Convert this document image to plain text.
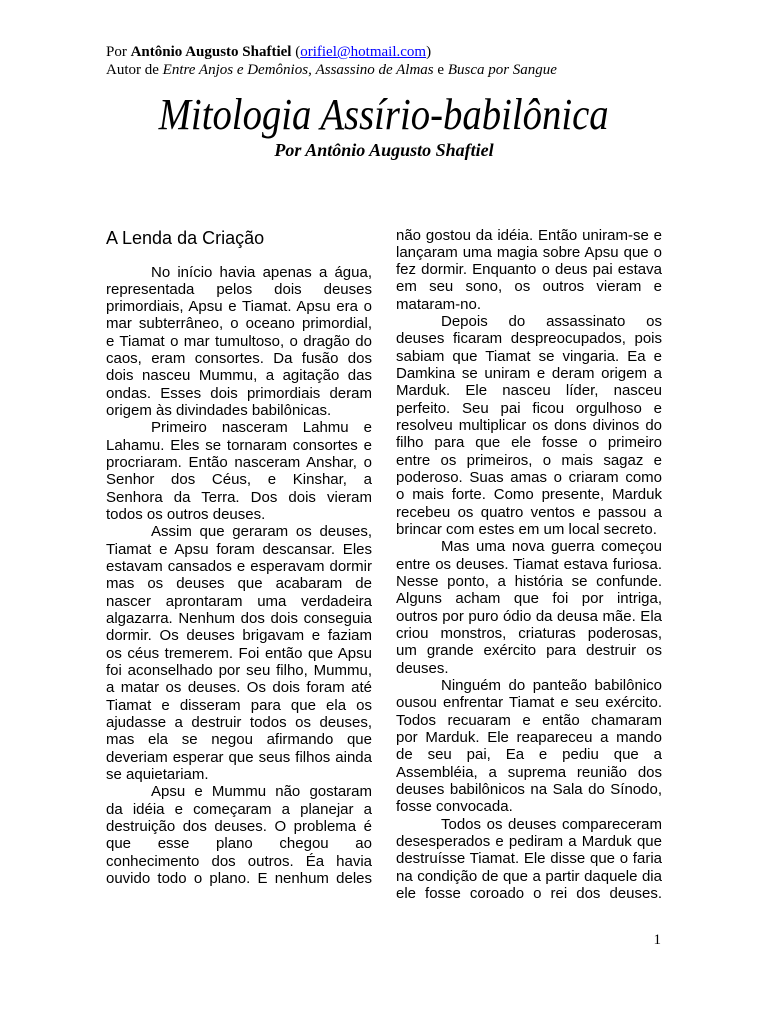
Por Antônio Augusto Shaftiel (orifiel@hotmail.com)
Autor de Entre Anjos e Demônios, Assassino de Almas e Busca por Sangue
Mitologia Assírio-babilônica
Por Antônio Augusto Shaftiel
A Lenda da Criação
No início havia apenas a água,
representada pelos dois deuses
primordiais, Apsu e Tiamat. Apsu era o
mar subterrâneo, o oceano primordial,
e Tiamat o mar tumultoso, o dragão do
caos, eram consortes. Da fusão dos
dois nasceu Mummu, a agitação das
ondas. Esses dois primordiais deram
origem às divindades babilônicas.
Primeiro nasceram Lahmu e
Lahamu. Eles se tornaram consortes e
procriaram. Então nasceram Anshar, o
Senhor dos Céus, e Kinshar, a
Senhora da Terra. Dos dois vieram
todos os outros deuses.
Assim que geraram os deuses,
Tiamat e Apsu foram descansar. Eles
estavam cansados e esperavam dormir
mas os deuses que acabaram de
nascer aprontaram uma verdadeira
algazarra. Nenhum dos dois conseguia
dormir. Os deuses brigavam e faziam
os céus tremerem. Foi então que Apsu
foi aconselhado por seu filho, Mummu,
a matar os deuses. Os dois foram até
Tiamat e disseram para que ela os
ajudasse a destruir todos os deuses,
mas ela se negou afirmando que
deveriam esperar que seus filhos ainda
se aquietariam.
Apsu e Mummu não gostaram
da idéia e começaram a planejar a
destruição dos deuses. O problema é
que esse plano chegou ao
conhecimento dos outros. Éa havia
ouvido todo o plano. E nenhum deles
não gostou da idéia. Então uniram-se e
lançaram uma magia sobre Apsu que o
fez dormir. Enquanto o deus pai estava
em seu sono, os outros vieram e
mataram-no.
Depois do assassinato os
deuses ficaram despreocupados, pois
sabiam que Tiamat se vingaria. Ea e
Damkina se uniram e deram origem a
Marduk. Ele nasceu líder, nasceu
perfeito. Seu pai ficou orgulhoso e
resolveu multiplicar os dons divinos do
filho para que ele fosse o primeiro
entre os primeiros, o mais sagaz e
poderoso. Suas amas o criaram como
o mais forte. Como presente, Marduk
recebeu os quatro ventos e passou a
brincar com estes em um local secreto.
Mas uma nova guerra começou
entre os deuses. Tiamat estava furiosa.
Nesse ponto, a história se confunde.
Alguns acham que foi por intriga,
outros por puro ódio da deusa mãe. Ela
criou monstros, criaturas poderosas,
um grande exército para destruir os
deuses.
Ninguém do panteão babilônico
ousou enfrentar Tiamat e seu exército.
Todos recuaram e então chamaram
por Marduk. Ele reapareceu a mando
de seu pai, Ea e pediu que a
Assembléia, a suprema reunião dos
deuses babilônicos na Sala do Sínodo,
fosse convocada.
Todos os deuses compareceram
desesperados e pediram a Marduk que
destruísse Tiamat. Ele disse que o faria
na condição de que a partir daquele dia
ele fosse coroado o rei dos deuses.
1
